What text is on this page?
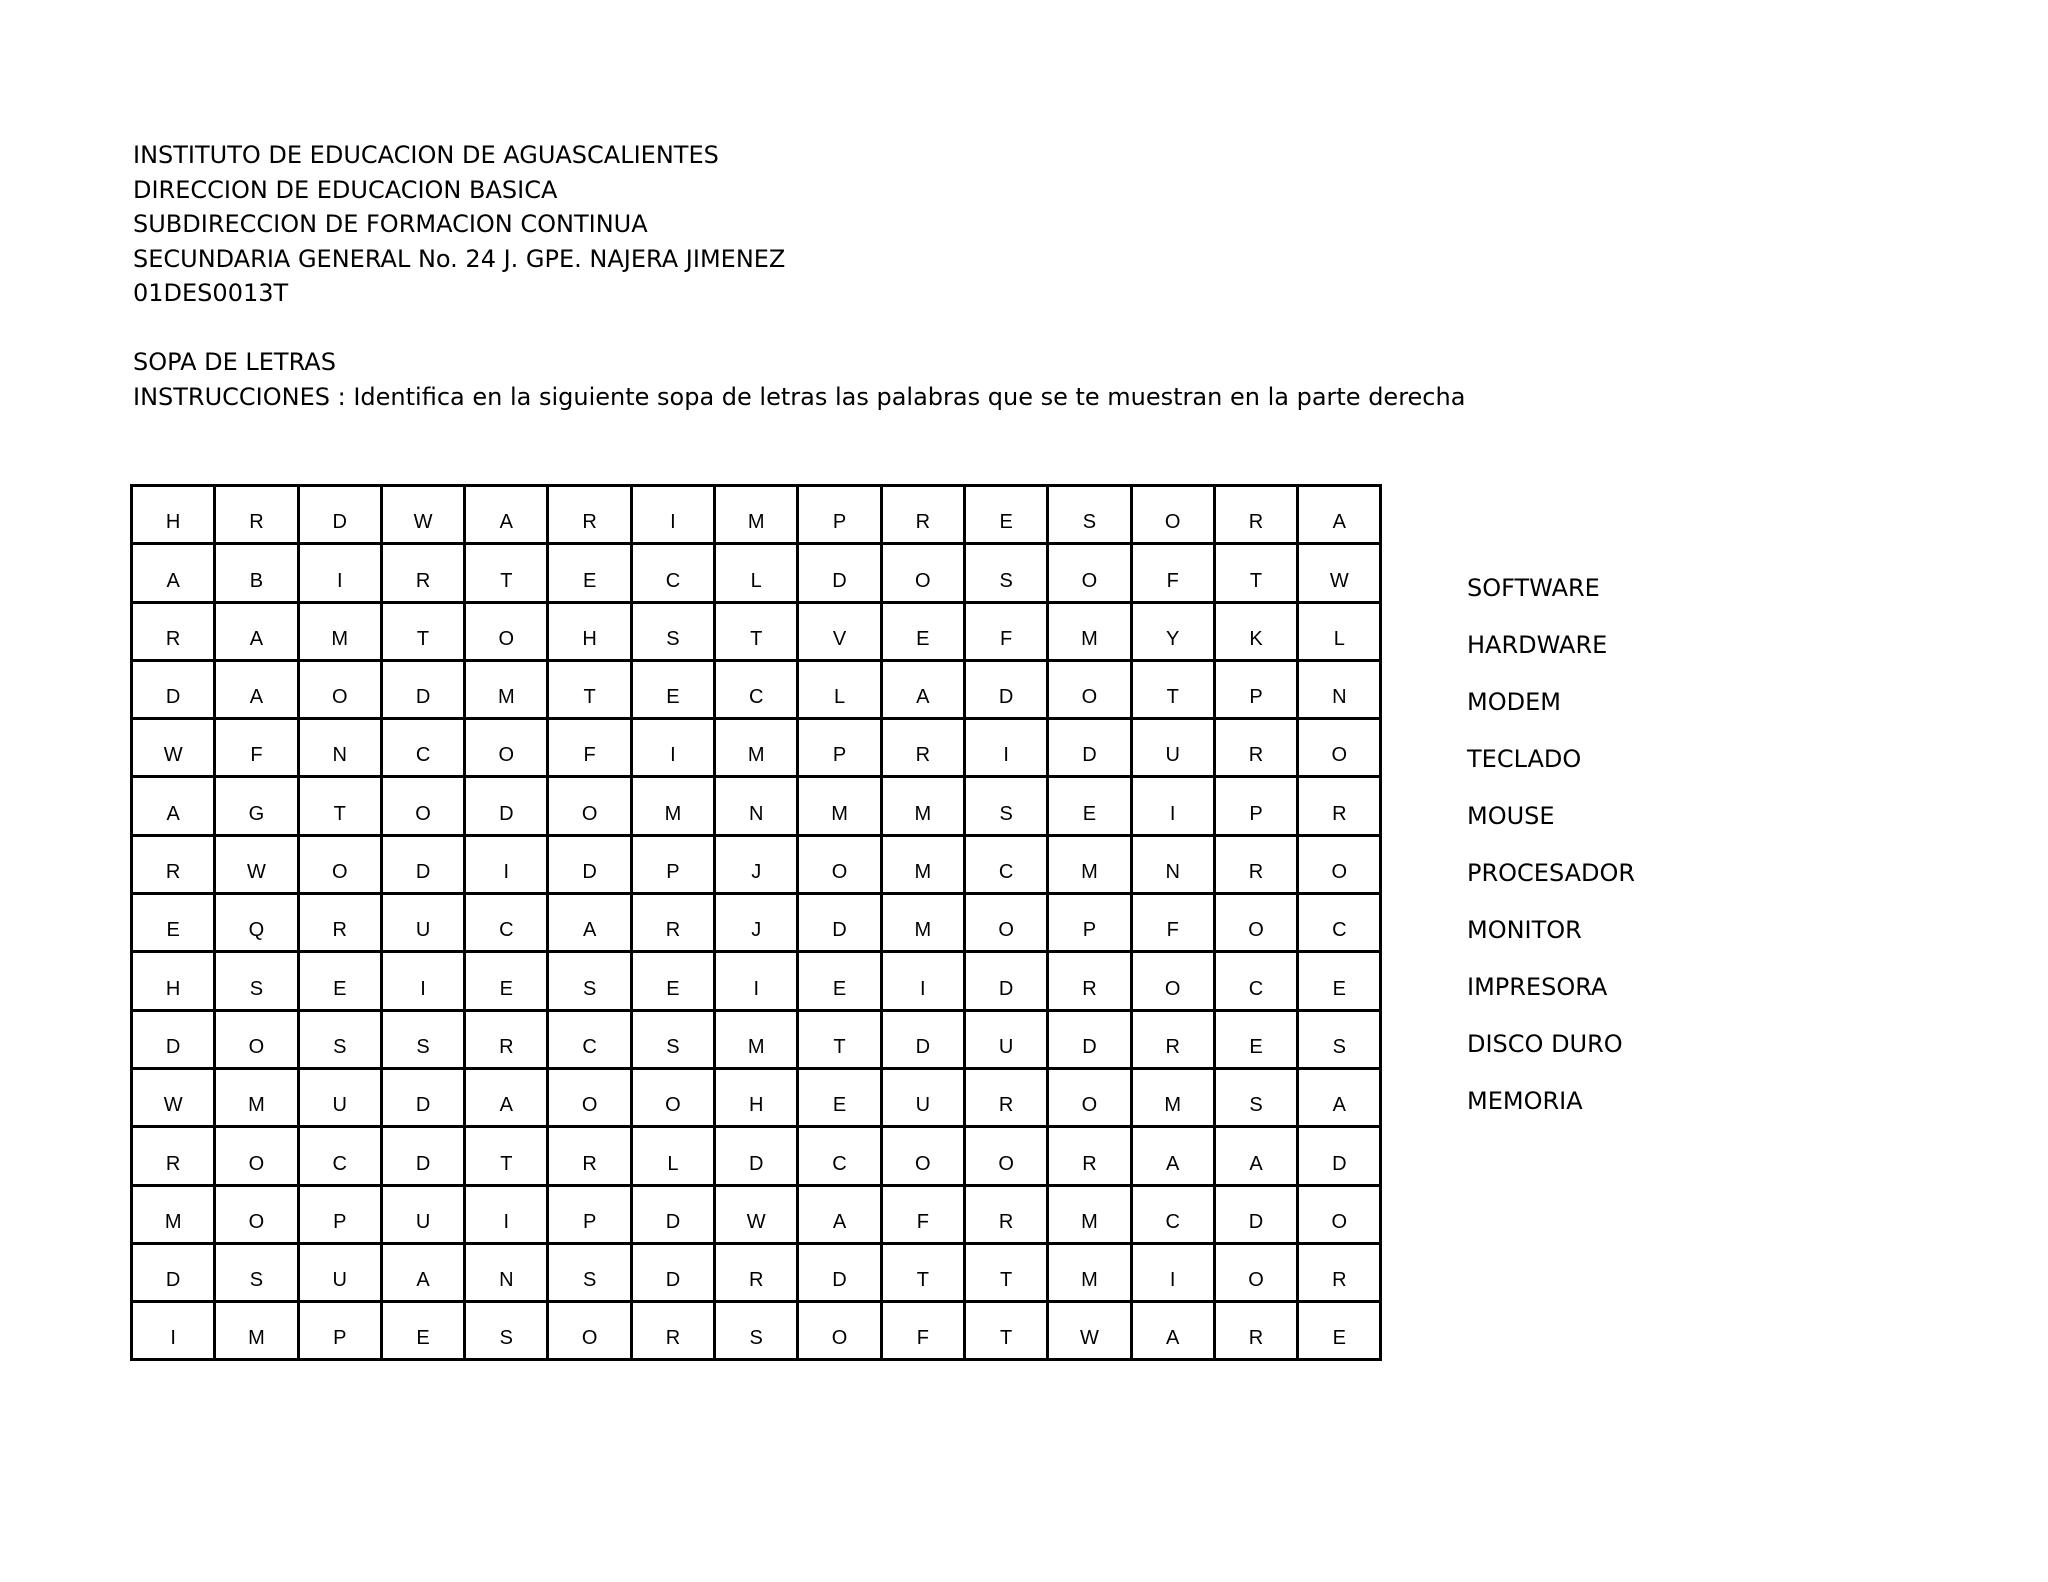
INSTITUTO DE EDUCACION DE AGUASCALIENTES
DIRECCION DE EDUCACION BASICA
SUBDIRECCION DE FORMACION CONTINUA
SECUNDARIA GENERAL No. 24 J. GPE. NAJERA JIMENEZ
01DES0013T
SOPA DE LETRAS
INSTRUCCIONES : Identifica en la siguiente sopa de letras las palabras que se te muestran en la parte derecha
H	R	D	W	A	R	I	M	P	R	E	S	O	R	A

A	B	I	R	T	E	C	L	D	O	S	O	F	T	W

R	A	M	T	O	H	S	T	V	E	F	M	Y	K	L

D	A	O	D	M	T	E	C	L	A	D	O	T	P	N

W	F	N	C	O	F	I	M	P	R	I	D	U	R	O

A	G	T	O	D	O	M	N	M	M	S	E	I	P	R

R	W	O	D	I	D	P	J	O	M	C	M	N	R	O

E	Q	R	U	C	A	R	J	D	M	O	P	F	O	C

H	S	E	I	E	S	E	I	E	I	D	R	O	C	E

D	O	S	S	R	C	S	M	T	D	U	D	R	E	S

W	M	U	D	A	O	O	H	E	U	R	O	M	S	A

R	O	C	D	T	R	L	D	C	O	O	R	A	A	D

M	O	P	U	I	P	D	W	A	F	R	M	C	D	O

D	S	U	A	N	S	D	R	D	T	T	M	I	O	R

I	M	P	E	S	O	R	S	O	F	T	W	A	R	E
SOFTWARE
HARDWARE
MODEM
TECLADO
MOUSE
PROCESADOR
MONITOR
IMPRESORA
DISCO DURO
MEMORIA
